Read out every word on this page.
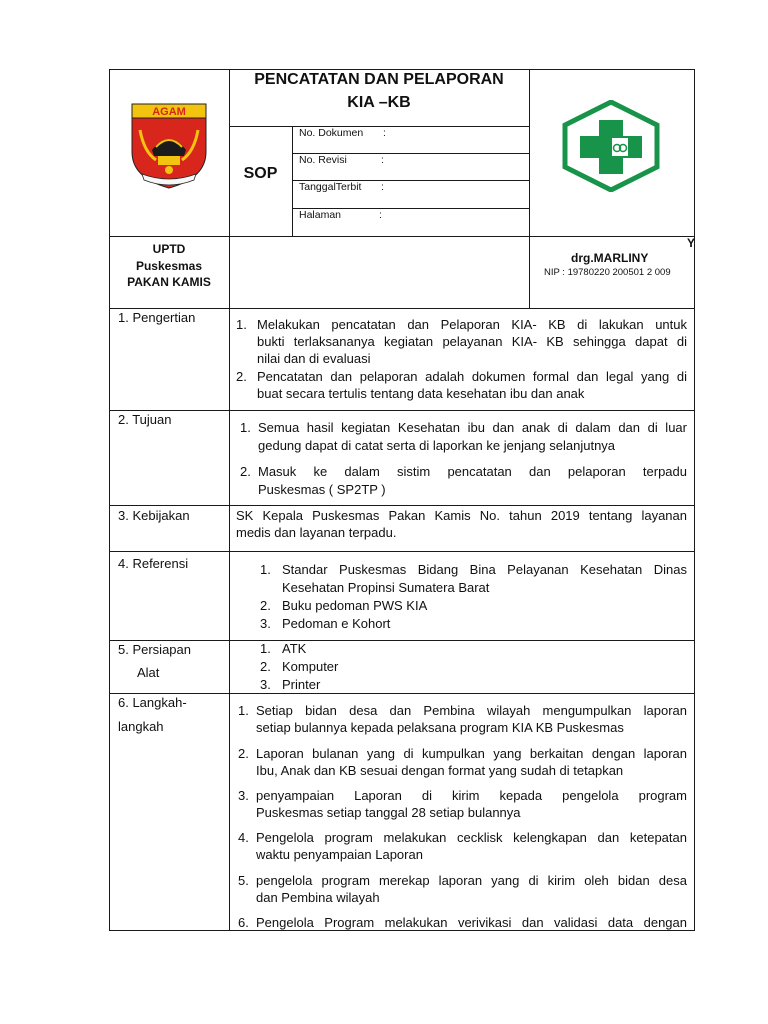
AGAM
PENCATATAN DAN PELAPORAN
KIA –KB
SOP
No. Dokumen :
No. Revisi	:
TanggalTerbit :
Halaman	:
UPTD
Puskesmas
PAKAN KAMIS
Y
drg.MARLINY
NIP : 19780220 200501 2 009
1. Pengertian	1. Melakukan pencatatan dan Pelaporan KIA- KB di lakukan untuk
bukti terlaksananya kegiatan pelayanan KIA- KB sehingga dapat di
nilai dan di evaluasi
2. Pencatatan dan pelaporan adalah dokumen formal dan legal yang di
buat secara tertulis tentang data kesehatan ibu dan anak
2. Tujuan
1. Semua hasil kegiatan Kesehatan ibu dan anak di dalam dan di luar
gedung dapat di catat serta di laporkan ke jenjang selanjutnya
2. Masuk ke dalam sistim pencatatan dan pelaporan terpadu
Puskesmas ( SP2TP )
3. Kebijakan	SK Kepala Puskesmas Pakan Kamis No. tahun 2019 tentang layanan
medis dan layanan terpadu.
4. Referensi	1. Standar Puskesmas Bidang Bina Pelayanan Kesehatan Dinas
Kesehatan Propinsi Sumatera Barat
2. Buku pedoman PWS KIA
3. Pedoman e Kohort
5. Persiapan
Alat
1. ATK
2. Komputer
3. Printer
6. Langkah-
langkah
1. Setiap bidan desa dan Pembina wilayah mengumpulkan laporan
setiap bulannya kepada pelaksana program KIA KB Puskesmas
2. Laporan bulanan yang di kumpulkan yang berkaitan dengan laporan
Ibu, Anak dan KB sesuai dengan format yang sudah di tetapkan
3. penyampaian Laporan di kirim kepada pengelola program
Puskesmas setiap tanggal 28 setiap bulannya
4. Pengelola program melakukan cecklisk kelengkapan dan ketepatan
waktu penyampaian Laporan
5. pengelola program merekap laporan yang di kirim oleh bidan desa
dan Pembina wilayah
6. Pengelola Program melakukan verivikasi dan validasi data dengan
